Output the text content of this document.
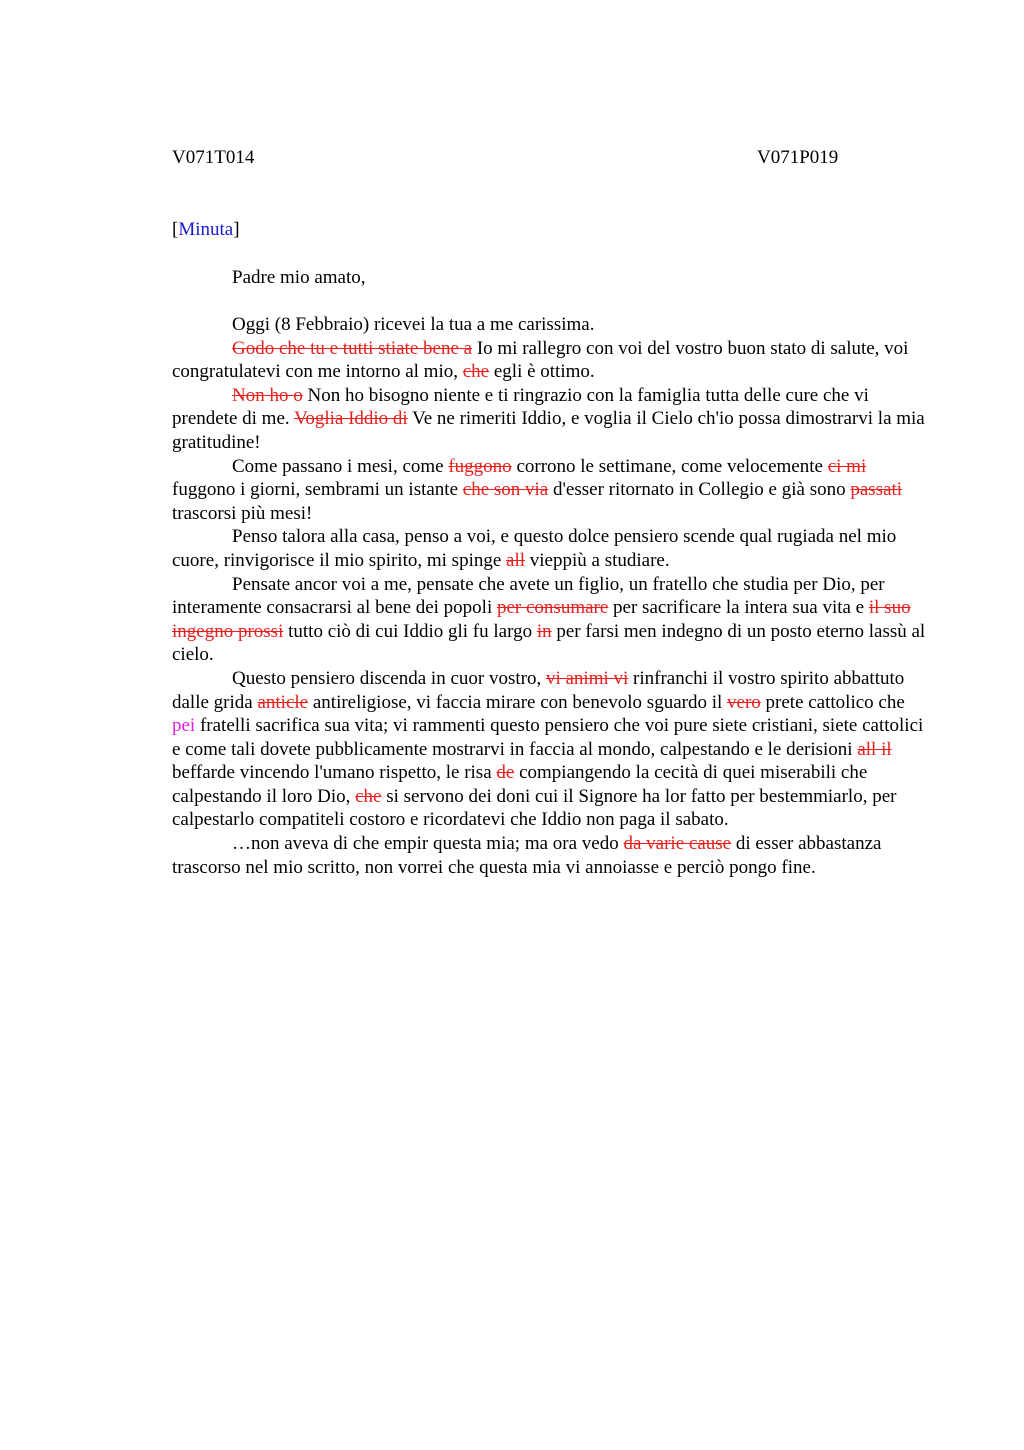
V071T014	V071P019
[Minuta]
Padre mio amato,

Oggi (8 Febbraio) ricevei la tua a me carissima.

Godo che tu e tutti stiate bene a Io mi rallegro con voi del vostro buon stato di salute, voi congratulatevi con me intorno al mio, che egli è ottimo.

Non ho o Non ho bisogno niente e ti ringrazio con la famiglia tutta delle cure che vi prendete di me. Voglia Iddio di Ve ne rimeriti Iddio, e voglia il Cielo ch'io possa dimostrarvi la mia gratitudine!

Come passano i mesi, come fuggono corrono le settimane, come velocemente ci mi fuggono i giorni, sembrami un istante che son via d'esser ritornato in Collegio e già sono passati trascorsi più mesi!

Penso talora alla casa, penso a voi, e questo dolce pensiero scende qual rugiada nel mio cuore, rinvigorisce il mio spirito, mi spinge all vieppiù a studiare.

Pensate ancor voi a me, pensate che avete un figlio, un fratello che studia per Dio, per interamente consacrarsi al bene dei popoli per consumare per sacrificare la intera sua vita e il suo ingegno prossi tutto ciò di cui Iddio gli fu largo in per farsi men indegno di un posto eterno lassù al cielo.

Questo pensiero discenda in cuor vostro, vi animi vi rinfranchi il vostro spirito abbattuto dalle grida anticle antireligiose, vi faccia mirare con benevolo sguardo il vero prete cattolico che pei fratelli sacrifica sua vita; vi rammenti questo pensiero che voi pure siete cristiani, siete cattolici e come tali dovete pubblicamente mostrarvi in faccia al mondo, calpestando e le derisioni all il beffarde vincendo l'umano rispetto, le risa de compiangendo la cecità di quei miserabili che calpestando il loro Dio, che si servono dei doni cui il Signore ha lor fatto per bestemmiarlo, per calpestarlo compatiteli costoro e ricordatevi che Iddio non paga il sabato.

…non aveva di che empir questa mia; ma ora vedo da varie cause di esser abbastanza trascorso nel mio scritto, non vorrei che questa mia vi annoiasse e perciò pongo fine.
